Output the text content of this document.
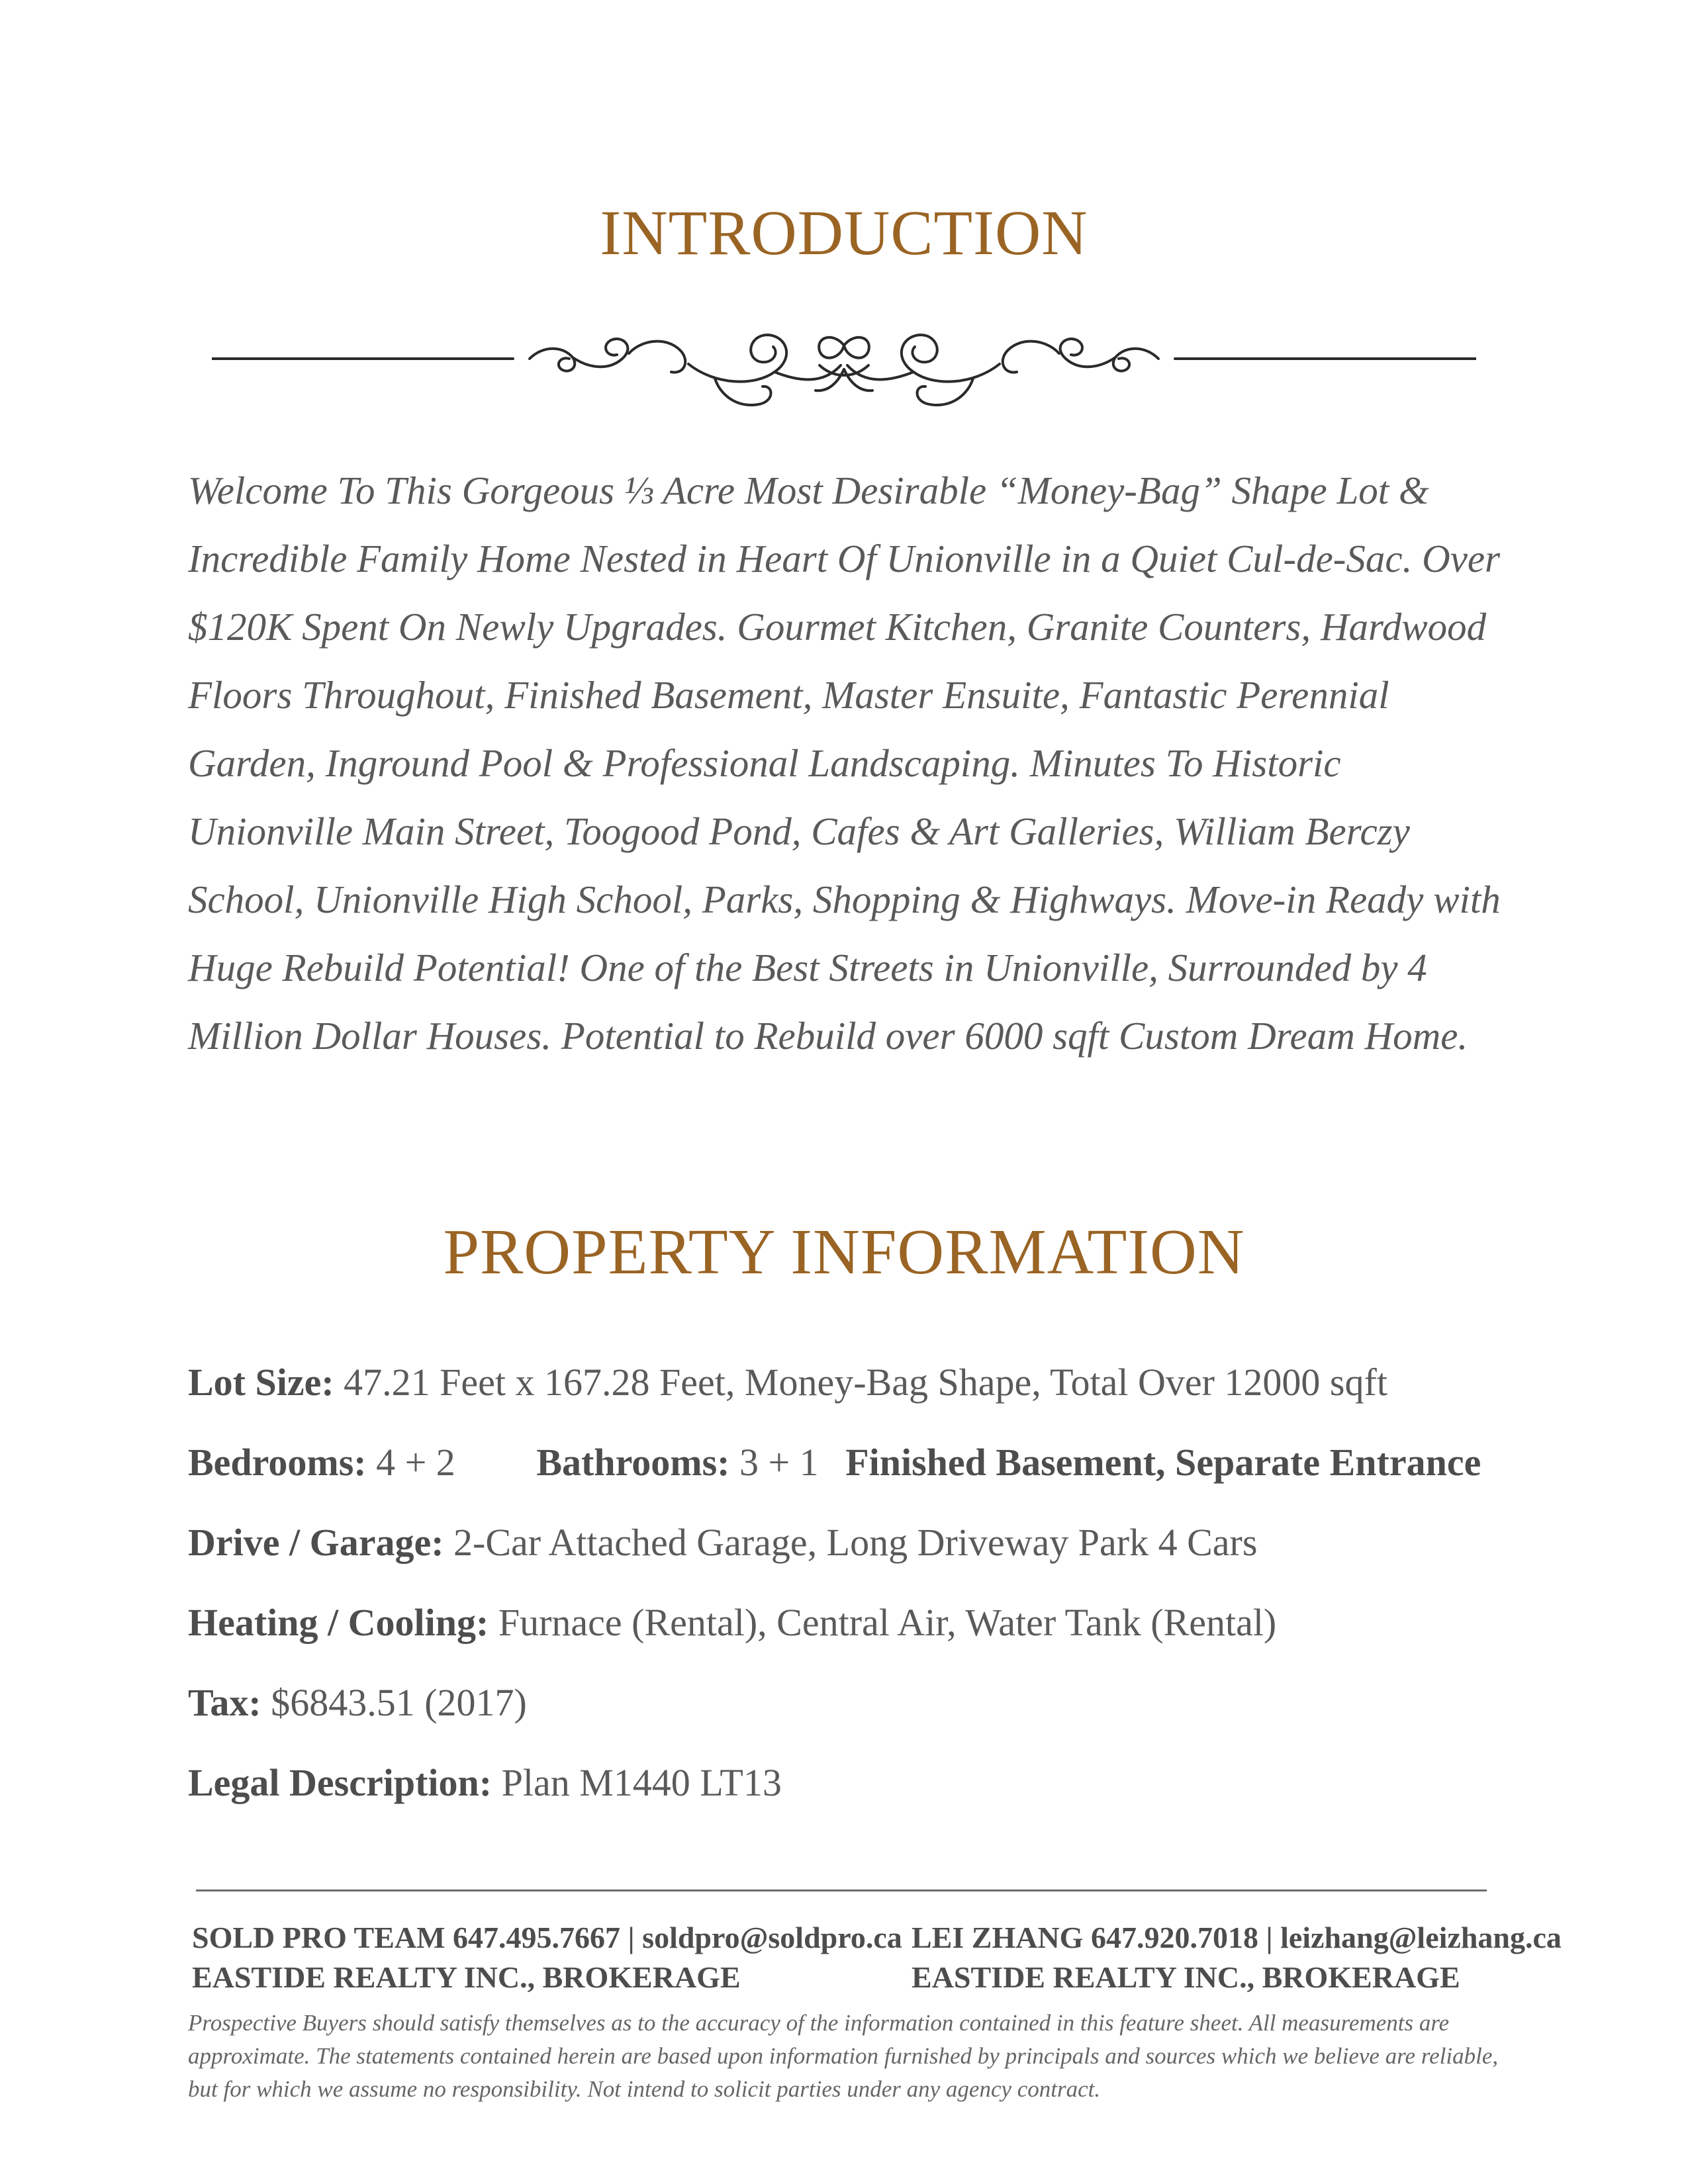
INTRODUCTION

Welcome To This Gorgeous ⅓ Acre Most Desirable “Money-Bag” Shape Lot & Incredible Family Home Nested in Heart Of Unionville in a Quiet Cul-de-Sac. Over $120K Spent On Newly Upgrades. Gourmet Kitchen, Granite Counters, Hardwood Floors Throughout, Finished Basement, Master Ensuite, Fantastic Perennial Garden, Inground Pool & Professional Landscaping. Minutes To Historic Unionville Main Street, Toogood Pond, Cafes & Art Galleries, William Berczy School, Unionville High School, Parks, Shopping & Highways. Move-in Ready with Huge Rebuild Potential! One of the Best Streets in Unionville, Surrounded by 4 Million Dollar Houses. Potential to Rebuild over 6000 sqft Custom Dream Home.

PROPERTY INFORMATION
Lot Size: 47.21 Feet x 167.28 Feet, Money-Bag Shape, Total Over 12000 sqft
Bedrooms: 4 + 2 Bathrooms: 3 + 1 Finished Basement, Separate Entrance
Drive / Garage: 2-Car Attached Garage, Long Driveway Park 4 Cars
Heating / Cooling: Furnace (Rental), Central Air, Water Tank (Rental)
Tax: $6843.51 (2017)
Legal Description: Plan M1440 LT13
SOLD PRO TEAM 647.495.7667 | soldpro@soldpro.ca
EASTIDE REALTY INC., BROKERAGE
LEI ZHANG 647.920.7018 | leizhang@leizhang.ca
EASTIDE REALTY INC., BROKERAGE

Prospective Buyers should satisfy themselves as to the accuracy of the information contained in this feature sheet. All measurements are approximate. The statements contained herein are based upon information furnished by principals and sources which we believe are reliable, but for which we assume no responsibility. Not intend to solicit parties under any agency contract.
